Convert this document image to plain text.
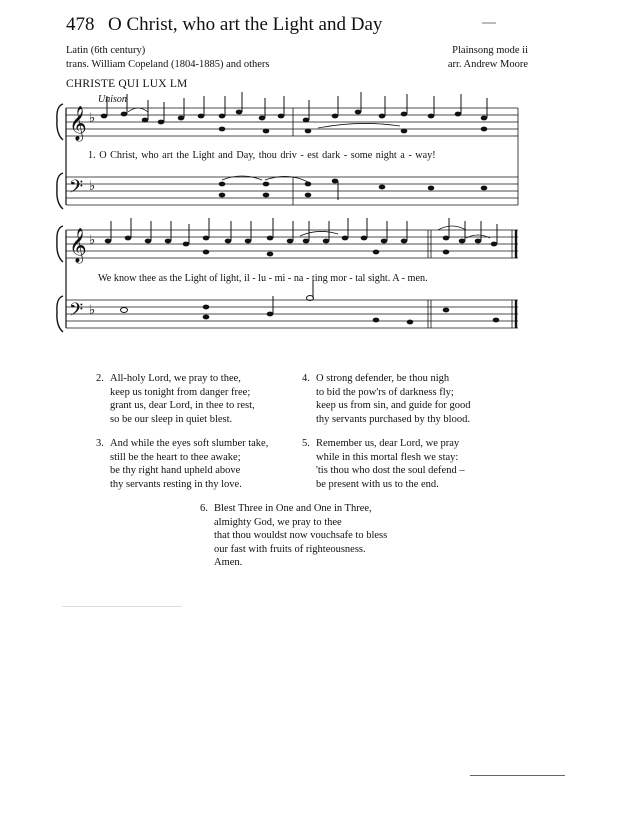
478 O Christ, who art the Light and Day
Latin (6th century)
trans. William Copeland (1804-1885) and others
Plainsong mode ii
arr. Andrew Moore
CHRISTE QUI LUX LM
Unison
𝄞
𝄢
♭
♭
𝄞
𝄢
♭
♭
1. O Christ, who art the Light and Day, thou driv - est dark - some night a - way!
We know thee as the Light of light, il - lu - mi - na - ting mor - tal sight. A - men.
2. All-holy Lord, we pray to thee,
keep us tonight from danger free;
grant us, dear Lord, in thee to rest,
so be our sleep in quiet blest.
3. And while the eyes soft slumber take,
still be the heart to thee awake;
be thy right hand upheld above
thy servants resting in thy love.
4. O strong defender, be thou nigh
to bid the pow'rs of darkness fly;
keep us from sin, and guide for good
thy servants purchased by thy blood.
5. Remember us, dear Lord, we pray
while in this mortal flesh we stay:
'tis thou who dost the soul defend –
be present with us to the end.
6. Blest Three in One and One in Three,
almighty God, we pray to thee
that thou wouldst now vouchsafe to bless
our fast with fruits of righteousness.
Amen.
